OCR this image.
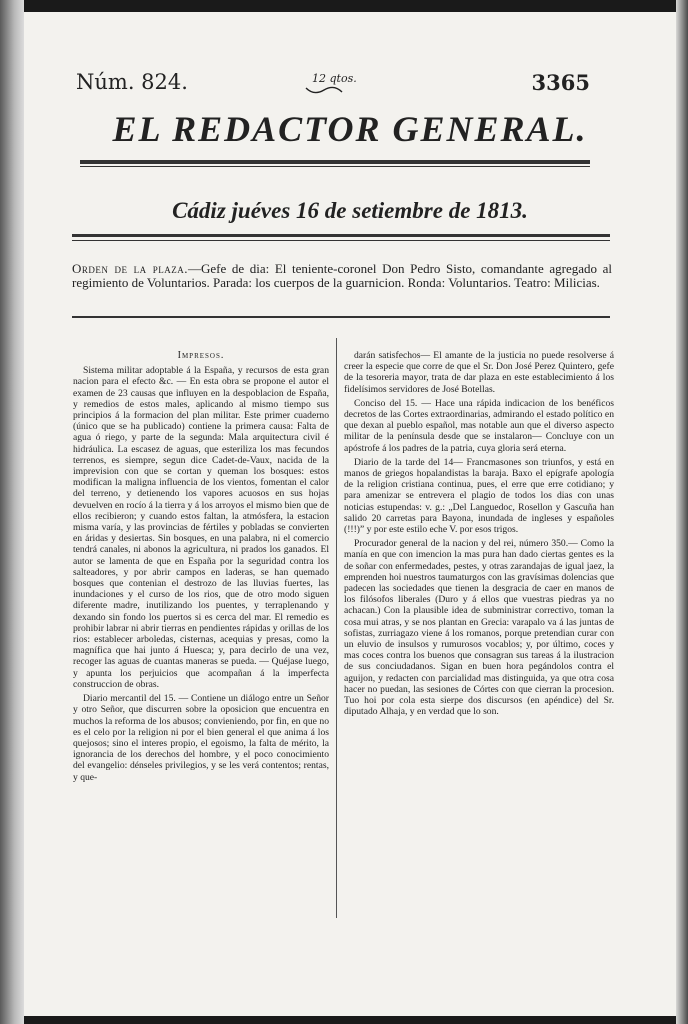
Núm. 824.	12 qtos.	3365
EL REDACTOR GENERAL.
Cádiz juéves 16 de setiembre de 1813.
Orden de la plaza.—Gefe de dia: El teniente-coronel Don Pedro Sisto, comandante agregado al regimiento de Voluntarios. Parada: los cuerpos de la guarnicion. Ronda: Voluntarios. Teatro: Milicias.
Impresos.

Sistema militar adoptable á la España, y recursos de esta gran nacion para el efecto &c. — En esta obra se propone el autor el examen de 23 causas que influyen en la despoblacion de España, y remedios de estos males, aplicando al mismo tiempo sus principios á la formacion del plan militar. Este primer cuaderno (único que se ha publicado) contiene la primera causa: Falta de agua ó riego, y parte de la segunda: Mala arquitectura civil é hidráulica. La escasez de aguas, que esteriliza los mas fecundos terrenos, es siempre, segun dice Cadet-de-Vaux, nacida de la imprevision con que se cortan y queman los bosques: estos modifican la maligna influencia de los vientos, fomentan el calor del terreno, y detienendo los vapores acuosos en sus hojas devuelven en rocío á la tierra y á los arroyos el mismo bien que de ellos recibieron; y cuando estos faltan, la atmósfera, la estacion misma varía, y las provincias de fértiles y pobladas se convierten en áridas y desiertas. Sin bosques, en una palabra, ni el comercio tendrá canales, ni abonos la agricultura, ni prados los ganados. El autor se lamenta de que en España por la seguridad contra los salteadores, y por abrir campos en laderas, se han quemado bosques que contenian el destrozo de las lluvias fuertes, las inundaciones y el curso de los rios, que de otro modo siguen diferente madre, inutilizando los puentes, y terraplenando y dexando sin fondo los puertos si es cerca del mar. El remedio es prohibir labrar ni abrir tierras en pendientes rápidas y orillas de los rios: establecer arboledas, cisternas, acequias y presas, como la magnífica que hai junto á Huesca; y, para decirlo de una vez, recoger las aguas de cuantas maneras se pueda. — Quéjase luego, y apunta los perjuicios que acompañan á la imperfecta construccion de obras.

Diario mercantil del 15. — Contiene un diálogo entre un Señor y otro Señor, que discurren sobre la oposicion que encuentra en muchos la reforma de los abusos; convieniendo, por fin, en que no es el celo por la religion ni por el bien general el que anima á los quejosos; sino el interes propio, el egoismo, la falta de mérito, la ignorancia de los derechos del hombre, y el poco conocimiento del evangelio: dénseles privilegios, y se les verá contentos; rentas, y que-

darán satisfechos— El amante de la justicia no puede resolverse á creer la especie que corre de que el Sr. Don José Perez Quintero, gefe de la tesoreria mayor, trata de dar plaza en este establecimiento á los fidelísimos servidores de José Botellas.

Conciso del 15. — Hace una rápida indicacion de los benéficos decretos de las Cortes extraordinarias, admirando el estado político en que dexan al pueblo español, mas notable aun que el diverso aspecto militar de la península desde que se instalaron— Concluye con un apóstrofe á los padres de la patria, cuya gloria será eterna.

Diario de la tarde del 14— Francmasones son triunfos, y está en manos de griegos hopalandistas la baraja. Baxo el epígrafe apología de la religion cristiana continua, pues, el erre que erre cotidiano; y para amenizar se entrevera el plagio de todos los dias con unas noticias estupendas: v. g.: „Del Languedoc, Rosellon y Gascuña han salido 20 carretas para Bayona, inundada de ingleses y españoles (!!!)” y por este estilo eche V. por esos trigos.

Procurador general de la nacion y del rei, número 350.— Como la manía en que con imencion la mas pura han dado ciertas gentes es la de soñar con enfermedades, pestes, y otras zarandajas de igual jaez, la emprenden hoi nuestros taumaturgos con las gravísimas dolencias que padecen las sociedades que tienen la desgracia de caer en manos de los filósofos liberales (Duro y á ellos que vuestras piedras ya no achacan.) Con la plausible idea de subministrar correctivo, toman la cosa mui atras, y se nos plantan en Grecia: varapalo va á las juntas de sofistas, zurriagazo viene á los romanos, porque pretendian curar con un eluvio de insulsos y rumurosos vocablos; y, por último, coces y mas coces contra los buenos que consagran sus tareas á la ilustracion de sus conciudadanos. Sigan en buen hora pegándolos contra el aguijon, y redacten con parcialidad mas distinguida, ya que otra cosa hacer no puedan, las sesiones de Córtes con que cierran la procesion. Tuo hoi por cola esta sierpe dos discursos (en apéndice) del Sr. diputado Alhaja, y en verdad que lo son.
